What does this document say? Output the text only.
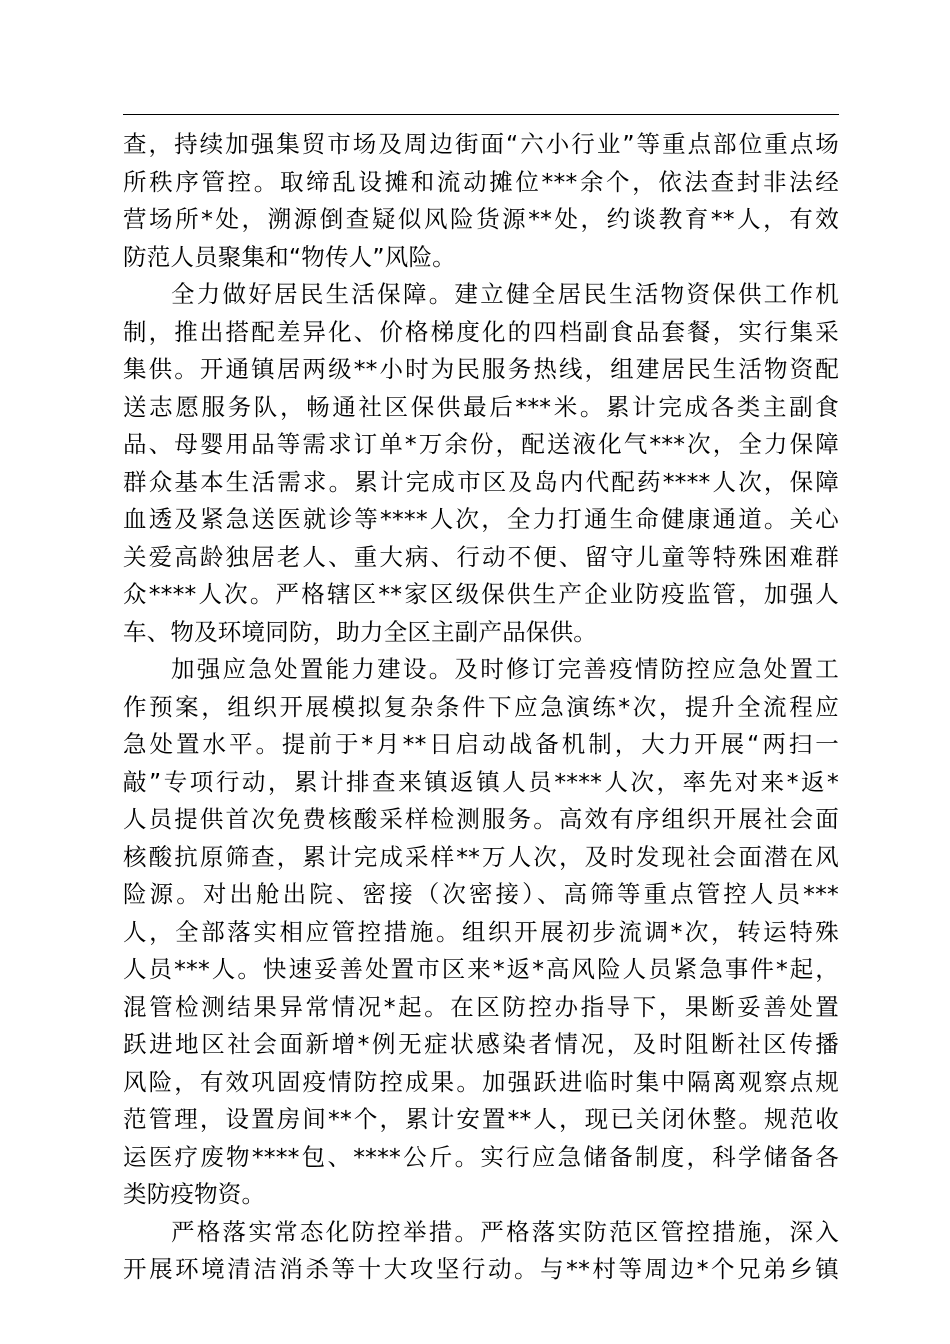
查，持续加强集贸市场及周边街面“六小行业”等重点部位重点场
所秩序管控。取缔乱设摊和流动摊位***余个，依法查封非法经
营场所*处，溯源倒查疑似风险货源**处，约谈教育**人，有效
防范人员聚集和“物传人”风险。
全力做好居民生活保障。建立健全居民生活物资保供工作机
制，推出搭配差异化、价格梯度化的四档副食品套餐，实行集采
集供。开通镇居两级**小时为民服务热线，组建居民生活物资配
送志愿服务队，畅通社区保供最后***米。累计完成各类主副食
品、母婴用品等需求订单*万余份，配送液化气***次，全力保障
群众基本生活需求。累计完成市区及岛内代配药****人次，保障
血透及紧急送医就诊等****人次，全力打通生命健康通道。关心
关爱高龄独居老人、重大病、行动不便、留守儿童等特殊困难群
众****人次。严格辖区**家区级保供生产企业防疫监管，加强人
车、物及环境同防，助力全区主副产品保供。
加强应急处置能力建设。及时修订完善疫情防控应急处置工
作预案，组织开展模拟复杂条件下应急演练*次，提升全流程应
急处置水平。提前于*月**日启动战备机制，大力开展“两扫一
敲”专项行动，累计排查来镇返镇人员****人次，率先对来*返*
人员提供首次免费核酸采样检测服务。高效有序组织开展社会面
核酸抗原筛查，累计完成采样**万人次，及时发现社会面潜在风
险源。对出舱出院、密接（次密接）、高筛等重点管控人员***
人，全部落实相应管控措施。组织开展初步流调*次，转运特殊
人员***人。快速妥善处置市区来*返*高风险人员紧急事件*起，
混管检测结果异常情况*起。在区防控办指导下，果断妥善处置
跃进地区社会面新增*例无症状感染者情况，及时阻断社区传播
风险，有效巩固疫情防控成果。加强跃进临时集中隔离观察点规
范管理，设置房间**个，累计安置**人，现已关闭休整。规范收
运医疗废物****包、****公斤。实行应急储备制度，科学储备各
类防疫物资。
严格落实常态化防控举措。严格落实防范区管控措施，深入
开展环境清洁消杀等十大攻坚行动。与**村等周边*个兄弟乡镇
